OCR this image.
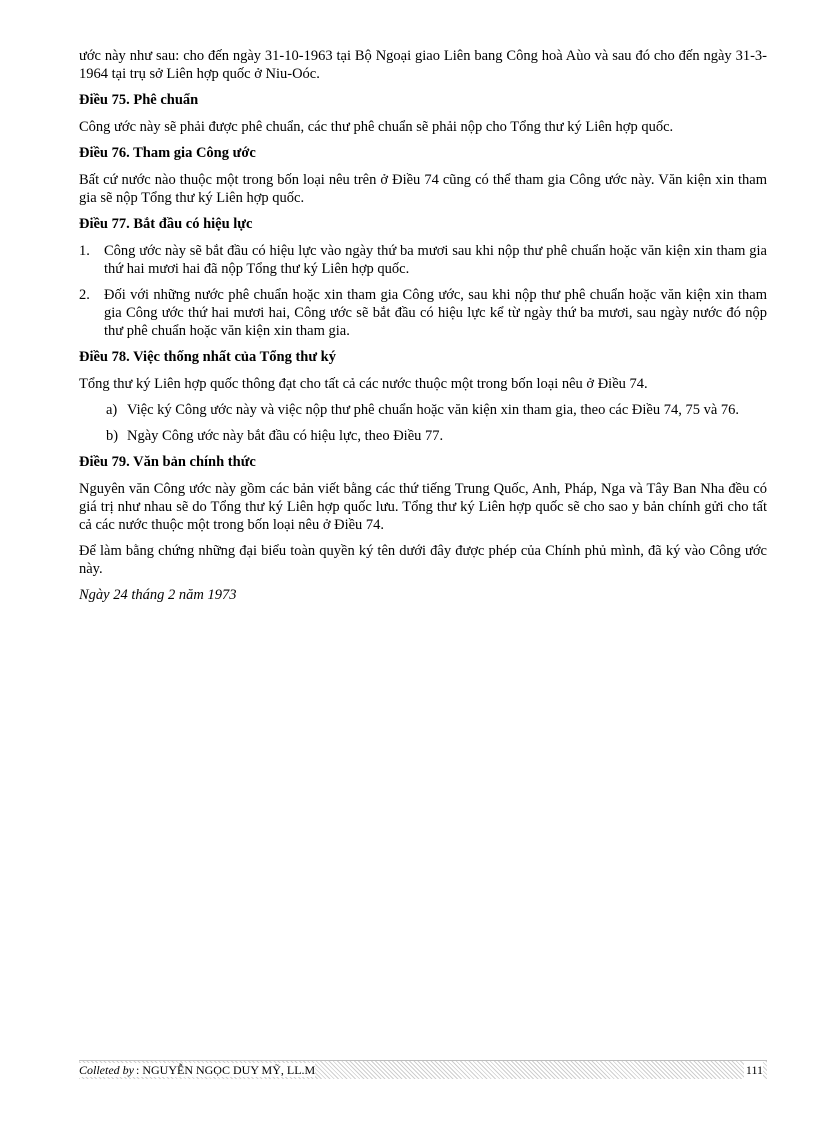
ước này như sau: cho đến ngày 31-10-1963 tại Bộ Ngoại giao Liên bang Công hoà Aùo và sau đó cho đến ngày 31-3-1964 tại trụ sở Liên hợp quốc ở Niu-Oóc.

Điều 75. Phê chuẩn

Công ước này sẽ phải được phê chuẩn, các thư phê chuẩn sẽ phải nộp cho Tổng thư ký Liên hợp quốc.

Điều 76. Tham gia Công ước

Bất cứ nước nào thuộc một trong bốn loại nêu trên ở Điều 74 cũng có thể tham gia Công ước này. Văn kiện xin tham gia sẽ nộp Tổng thư ký Liên hợp quốc.

Điều 77. Bắt đầu có hiệu lực

1. Công ước này sẽ bắt đầu có hiệu lực vào ngày thứ ba mươi sau khi nộp thư phê chuẩn hoặc văn kiện xin tham gia thứ hai mươi hai đã nộp Tổng thư ký Liên hợp quốc.
2. Đối với những nước phê chuẩn hoặc xin tham gia Công ước, sau khi nộp thư phê chuẩn hoặc văn kiện xin tham gia Công ước thứ hai mươi hai, Công ước sẽ bắt đầu có hiệu lực kể từ ngày thứ ba mươi, sau ngày nước đó nộp thư phê chuẩn hoặc văn kiện xin tham gia.

Điều 78. Việc thống nhất của Tổng thư ký

Tổng thư ký Liên hợp quốc thông đạt cho tất cả các nước thuộc một trong bốn loại nêu ở Điều 74.

a) Việc ký Công ước này và việc nộp thư phê chuẩn hoặc văn kiện xin tham gia, theo các Điều 74, 75 và 76.
b) Ngày Công ước này bắt đầu có hiệu lực, theo Điều 77.

Điều 79. Văn bản chính thức

Nguyên văn Công ước này gồm các bản viết bằng các thứ tiếng Trung Quốc, Anh, Pháp, Nga và Tây Ban Nha đều có giá trị như nhau sẽ do Tổng thư ký Liên hợp quốc lưu. Tổng thư ký Liên hợp quốc sẽ cho sao y bản chính gửi cho tất cả các nước thuộc một trong bốn loại nêu ở Điều 74.

Để làm bằng chứng những đại biểu toàn quyền ký tên dưới đây được phép của Chính phủ mình, đã ký vào Công ước này.

Ngày 24 tháng 2 năm 1973

Colleted by : NGUYỄN NGỌC DUY MỸ, LL.M	111
